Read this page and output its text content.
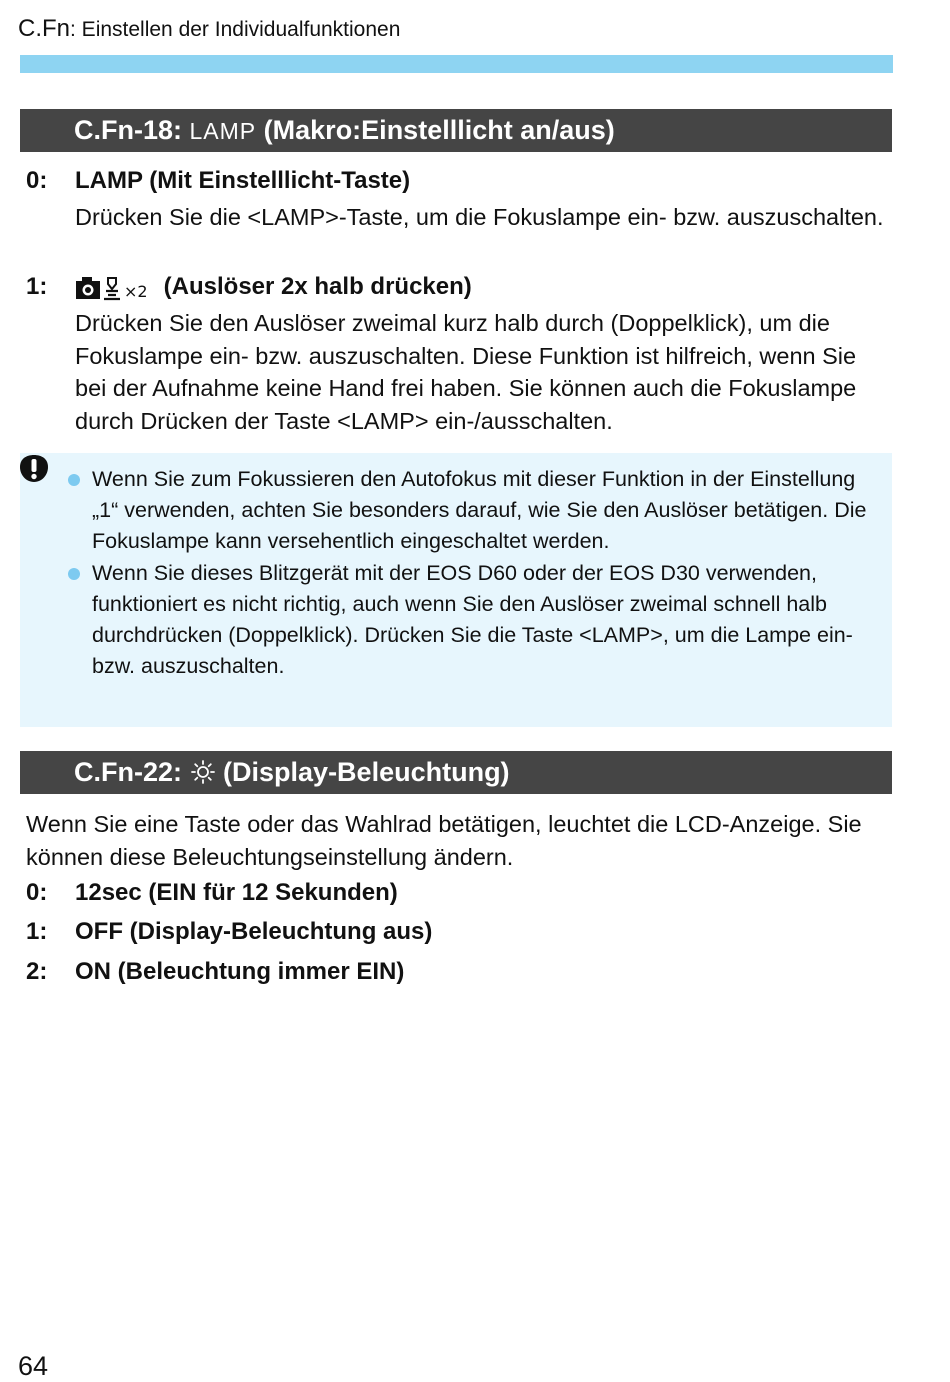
C.Fn: Einstellen der Individualfunktionen
C.Fn-18: LAMP (Makro:Einstelllicht an/aus)
0: LAMP (Mit Einstelllicht-Taste)
Drücken Sie die <LAMP>-Taste, um die Fokuslampe ein- bzw. auszuschalten.
1:	×2 (Auslöser 2x halb drücken)
Drücken Sie den Auslöser zweimal kurz halb durch (Doppelklick), um die Fokuslampe ein- bzw. auszuschalten. Diese Funktion ist hilfreich, wenn Sie bei der Aufnahme keine Hand frei haben. Sie können auch die Fokuslampe durch Drücken der Taste <LAMP> ein-/ausschalten.
Wenn Sie zum Fokussieren den Autofokus mit dieser Funktion in der Einstellung „1“ verwenden, achten Sie besonders darauf, wie Sie den Auslöser betätigen. Die Fokuslampe kann versehentlich eingeschaltet werden.
Wenn Sie dieses Blitzgerät mit der EOS D60 oder der EOS D30 verwenden, funktioniert es nicht richtig, auch wenn Sie den Auslöser zweimal schnell halb durchdrücken (Doppelklick). Drücken Sie die Taste <LAMP>, um die Lampe ein- bzw. auszuschalten.
C.Fn-22: (Display-Beleuchtung)
Wenn Sie eine Taste oder das Wahlrad betätigen, leuchtet die LCD-Anzeige. Sie können diese Beleuchtungseinstellung ändern.
0: 12sec (EIN für 12 Sekunden)
1: OFF (Display-Beleuchtung aus)
2: ON (Beleuchtung immer EIN)
64
